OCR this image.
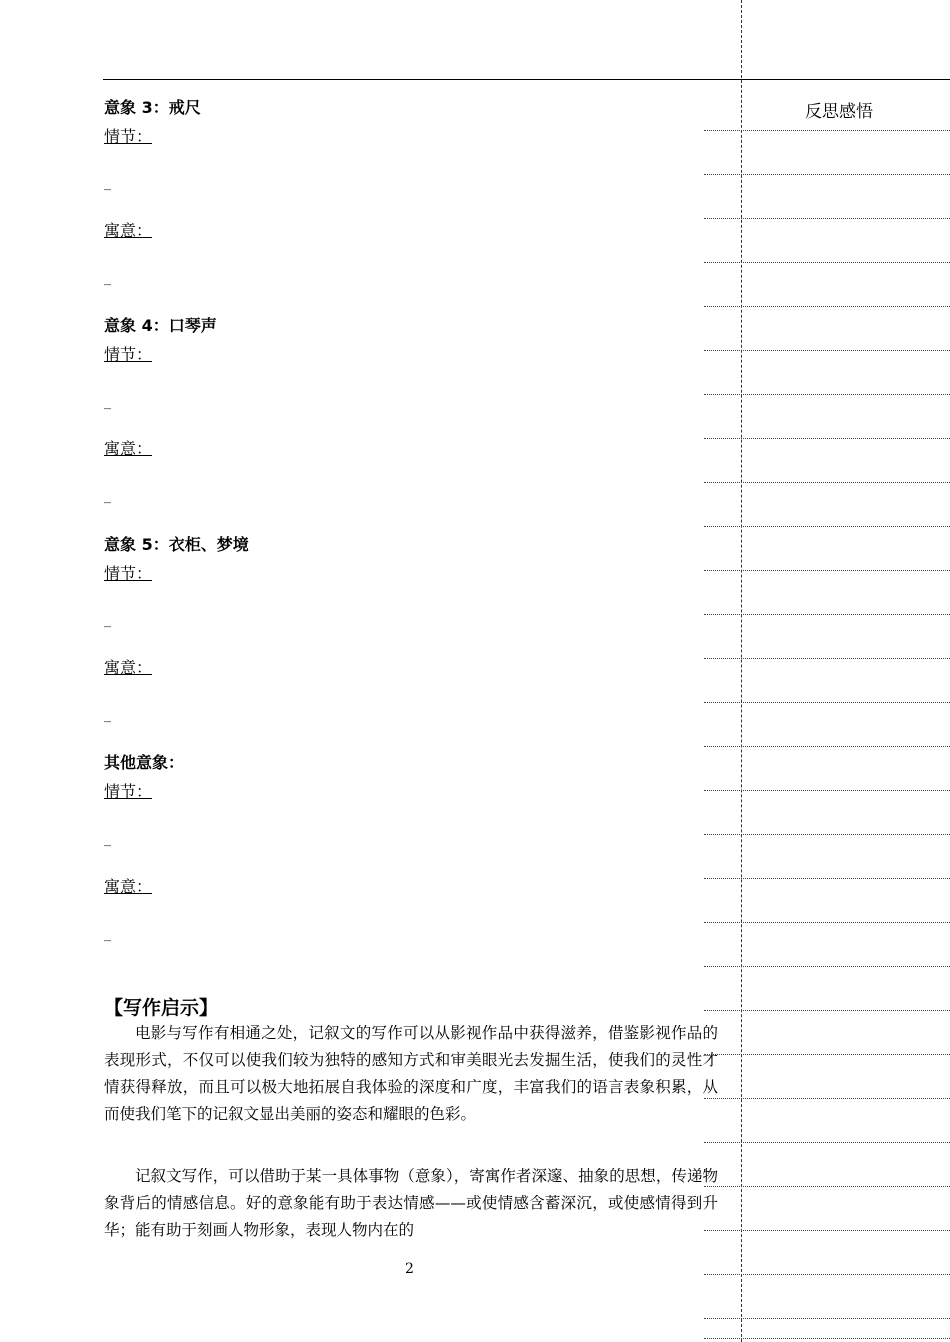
反思感悟
意象 3：戒尺
情节：
_
寓意：
_
意象 4：口琴声
情节：
_
寓意：
_
意象 5：衣柜、梦境
情节：
_
寓意：
_
其他意象：
情节：
_
寓意：
_
【写作启示】
电影与写作有相通之处，记叙文的写作可以从影视作品中获得滋养，借鉴影视作品的表现形式，不仅可以使我们较为独特的感知方式和审美眼光去发掘生活，使我们的灵性才情获得释放，而且可以极大地拓展自我体验的深度和广度，丰富我们的语言表象积累，从而使我们笔下的记叙文显出美丽的姿态和耀眼的色彩。
记叙文写作，可以借助于某一具体事物（意象），寄寓作者深邃、抽象的思想，传递物象背后的情感信息。好的意象能有助于表达情感——或使情感含蓄深沉，或使感情得到升华；能有助于刻画人物形象，表现人物内在的
2
